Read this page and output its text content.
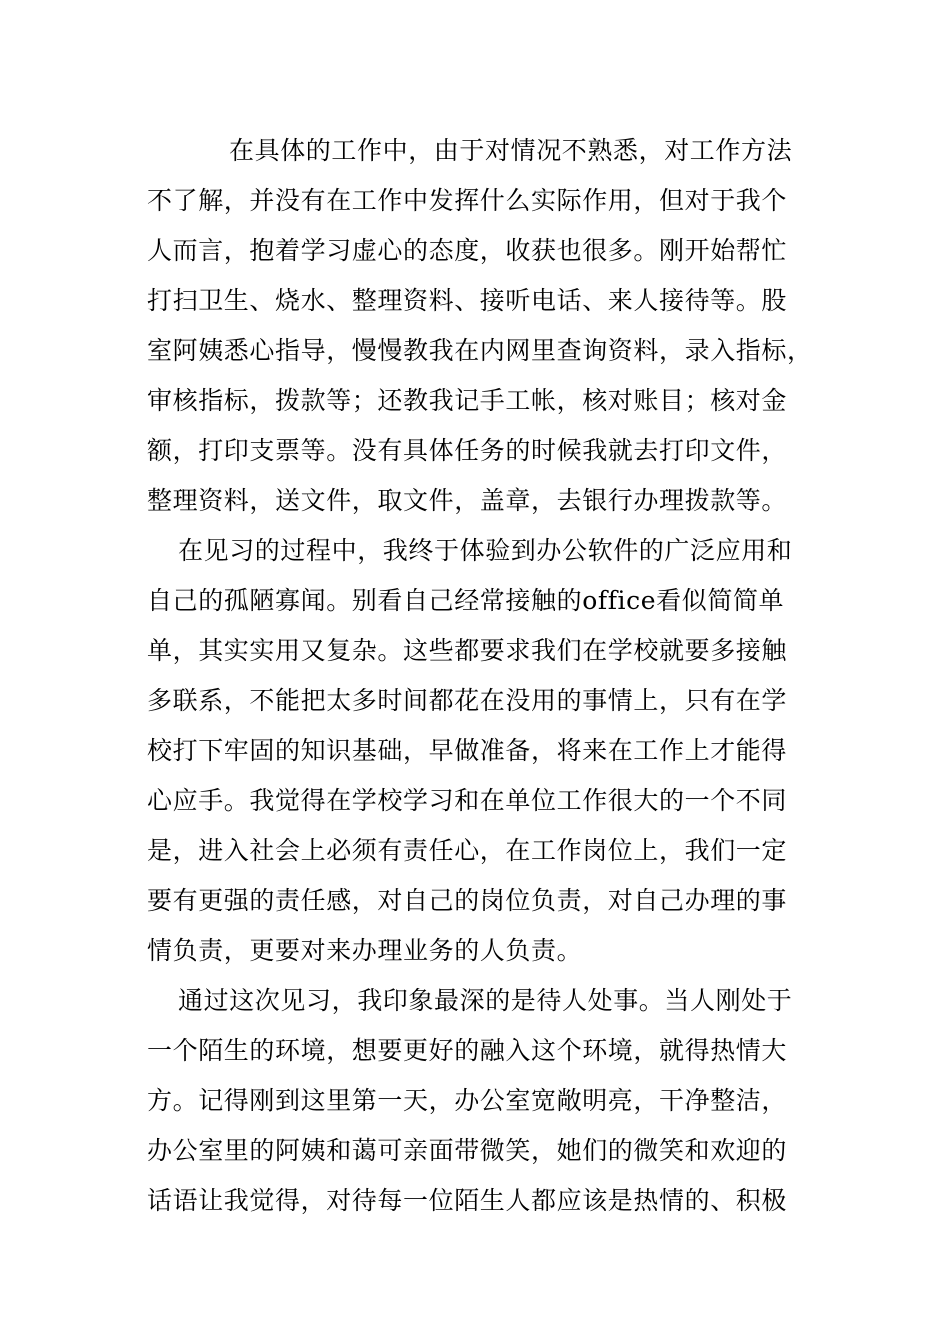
在具体的工作中，由于对情况不熟悉，对工作方法
不了解，并没有在工作中发挥什么实际作用，但对于我个
人而言，抱着学习虚心的态度，收获也很多。刚开始帮忙
打扫卫生、烧水、整理资料、接听电话、来人接待等。股
室阿姨悉心指导，慢慢教我在内网里查询资料，录入指标，
审核指标，拨款等；还教我记手工帐，核对账目；核对金
额，打印支票等。没有具体任务的时候我就去打印文件，
整理资料，送文件，取文件，盖章，去银行办理拨款等。
在见习的过程中，我终于体验到办公软件的广泛应用和
自己的孤陋寡闻。别看自己经常接触的office看似简简单
单，其实实用又复杂。这些都要求我们在学校就要多接触
多联系，不能把太多时间都花在没用的事情上，只有在学
校打下牢固的知识基础，早做准备，将来在工作上才能得
心应手。我觉得在学校学习和在单位工作很大的一个不同
是，进入社会上必须有责任心，在工作岗位上，我们一定
要有更强的责任感，对自己的岗位负责，对自己办理的事
情负责，更要对来办理业务的人负责。
通过这次见习，我印象最深的是待人处事。当人刚处于
一个陌生的环境，想要更好的融入这个环境，就得热情大
方。记得刚到这里第一天，办公室宽敞明亮，干净整洁，
办公室里的阿姨和蔼可亲面带微笑，她们的微笑和欢迎的
话语让我觉得，对待每一位陌生人都应该是热情的、积极
